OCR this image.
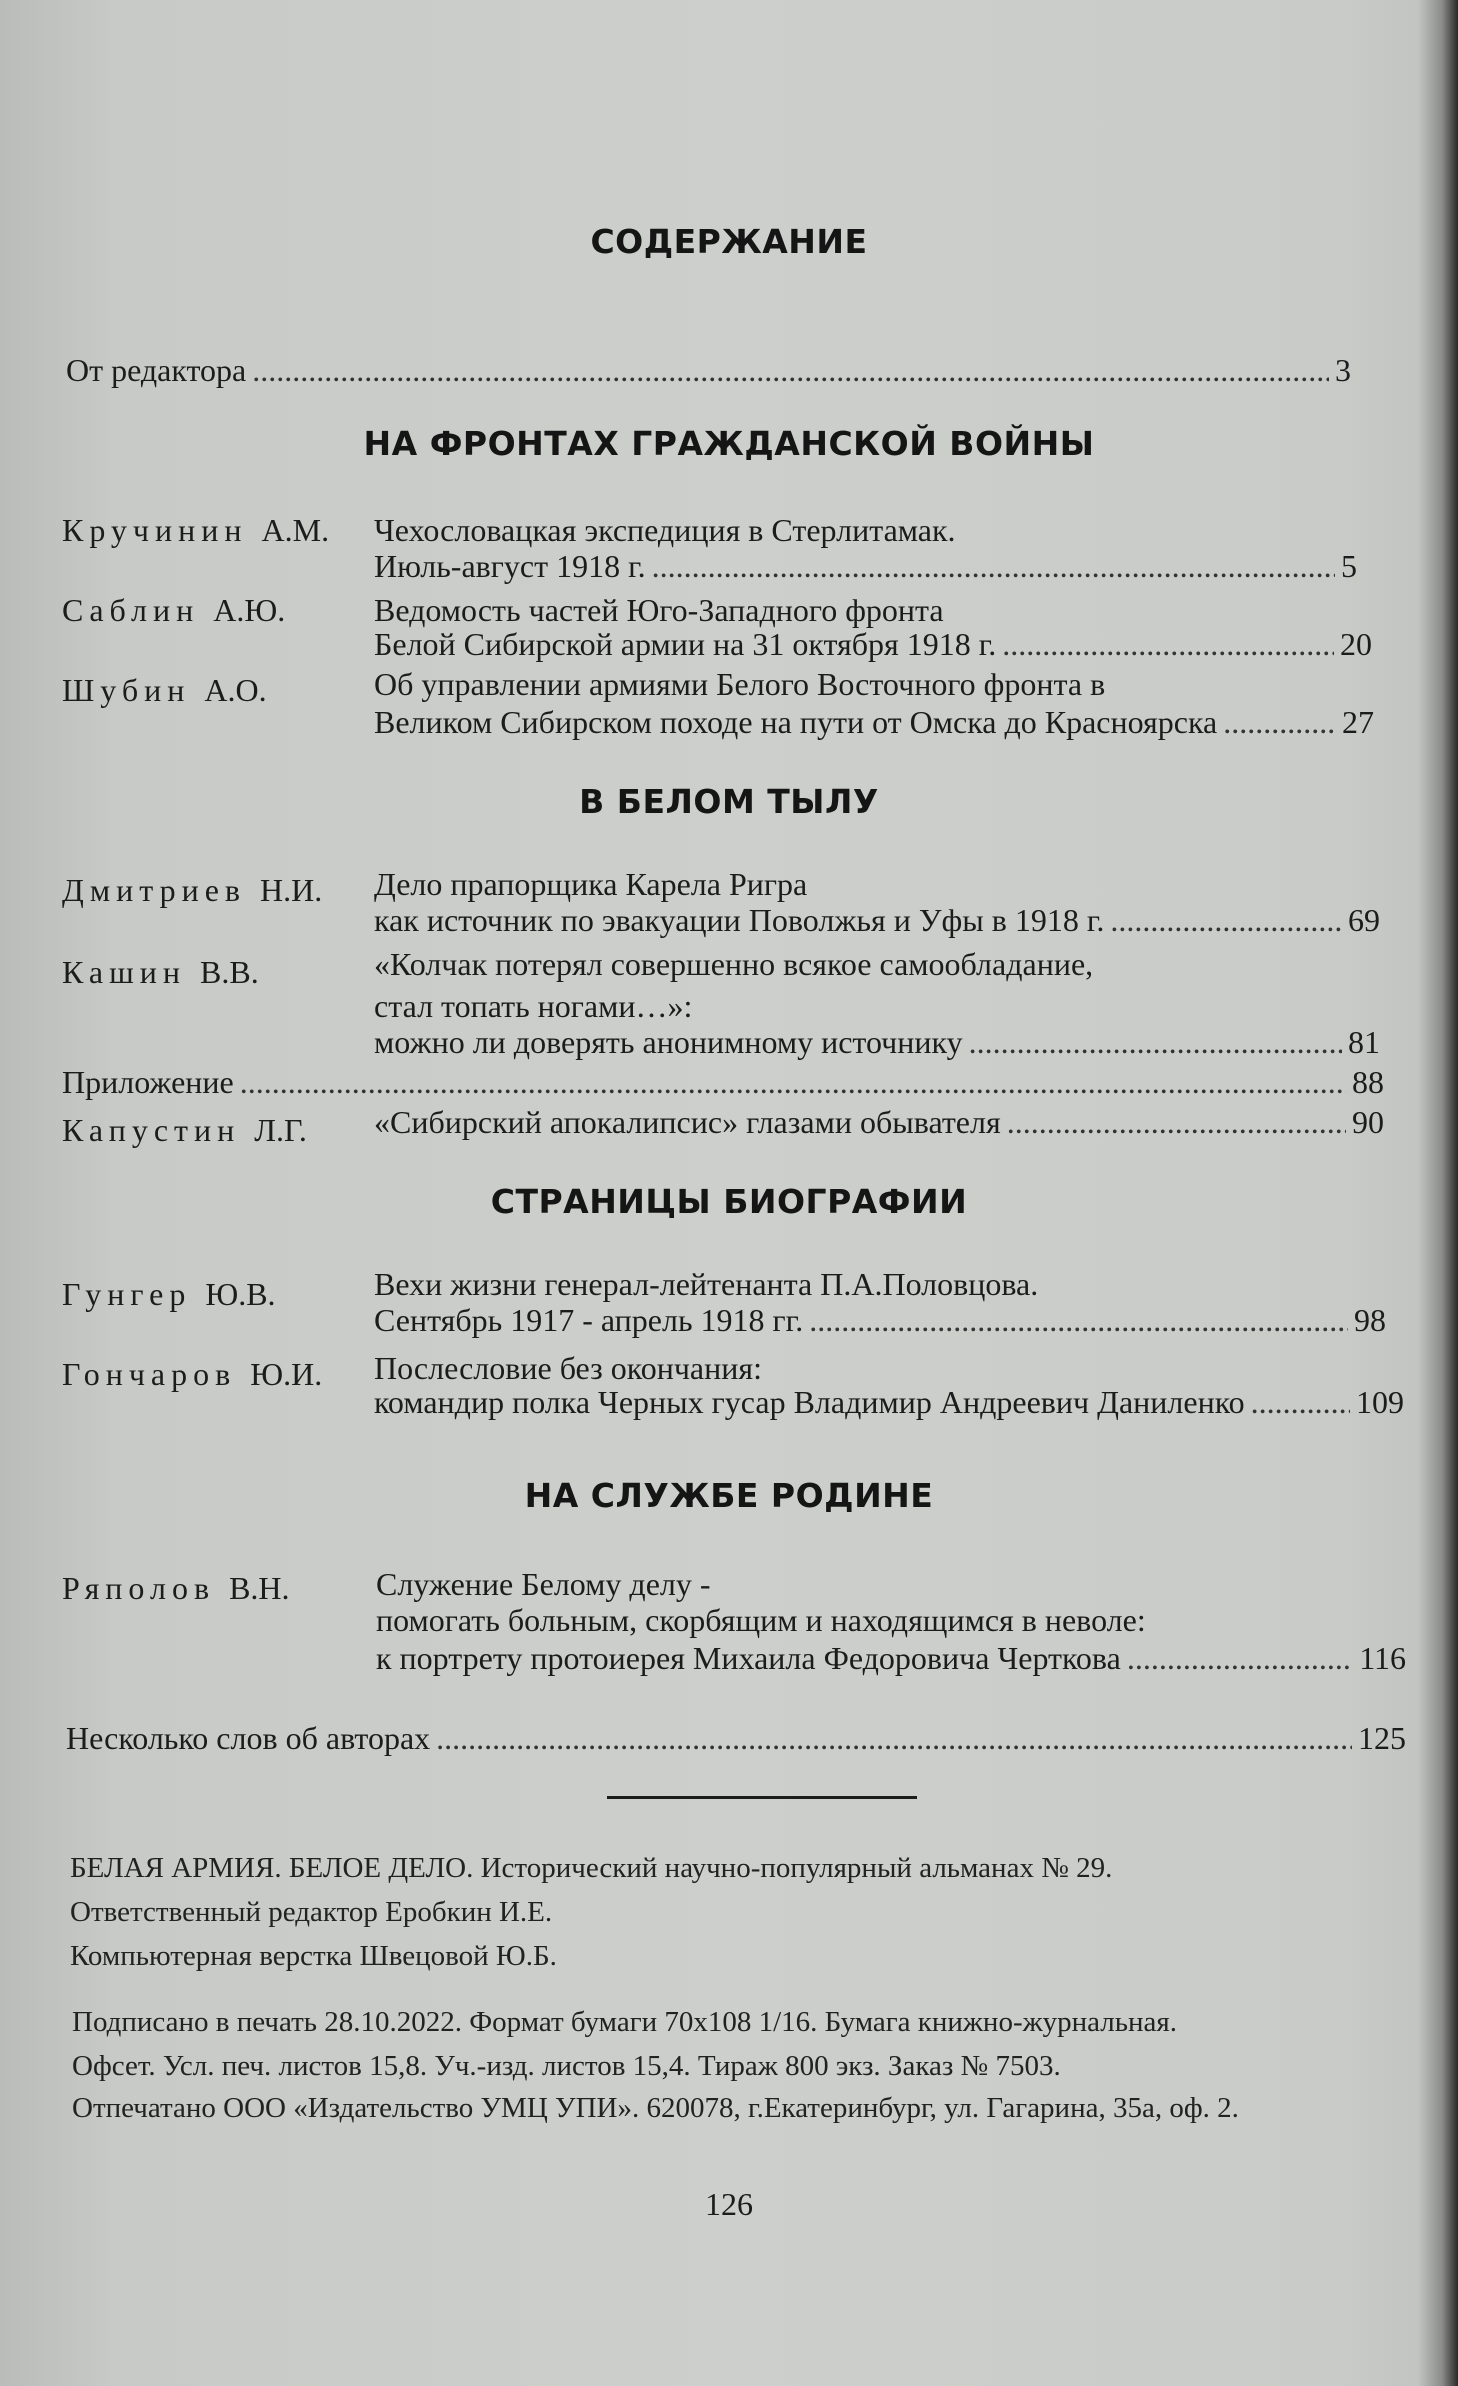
СОДЕРЖАНИЕ
От редактора .....	3
НА ФРОНТАХ ГРАЖДАНСКОЙ ВОЙНЫ
Кручинин А.М. Чехословацкая экспедиция в Стерлитамак.
Июль-август 1918 г. .....	5
Саблин А.Ю.	Ведомость частей Юго-Западного фронта
Белой Сибирской армии на 31 октября 1918 г. .....	20
Шубин А.О.	Об управлении армиями Белого Восточного фронта в
Великом Сибирском походе на пути от Омска до Красноярска .....	27
В БЕЛОМ ТЫЛУ
Дмитриев Н.И. Дело прапорщика Карела Ригра
как источник по эвакуации Поволжья и Уфы в 1918 г. .....	69
Кашин В.В.	«Колчак потерял совершенно всякое самообладание,
стал топать ногами…»:
можно ли доверять анонимному источнику .....	81
Приложение .....	88
Капустин Л.Г. «Сибирский апокалипсис» глазами обывателя .....	90
СТРАНИЦЫ БИОГРАФИИ
Гунгер Ю.В.	Вехи жизни генерал-лейтенанта П.А.Половцова.
Сентябрь 1917 - апрель 1918 гг. .....	98
Гончаров Ю.И. Послесловие без окончания:
командир полка Черных гусар Владимир Андреевич Даниленко .....	109
НА СЛУЖБЕ РОДИНЕ
Ряполов В.Н.	Служение Белому делу -
помогать больным, скорбящим и находящимся в неволе:
к портрету протоиерея Михаила Федоровича Черткова .....	116
Несколько слов об авторах .....	125
БЕЛАЯ АРМИЯ. БЕЛОЕ ДЕЛО. Исторический научно-популярный альманах № 29.
Ответственный редактор Еробкин И.Е.
Компьютерная верстка Швецовой Ю.Б.
Подписано в печать 28.10.2022. Формат бумаги 70x108 1/16. Бумага книжно-журнальная.
Офсет. Усл. печ. листов 15,8. Уч.-изд. листов 15,4. Тираж 800 экз. Заказ № 7503.
Отпечатано ООО «Издательство УМЦ УПИ». 620078, г.Екатеринбург, ул. Гагарина, 35а, оф. 2.
126
